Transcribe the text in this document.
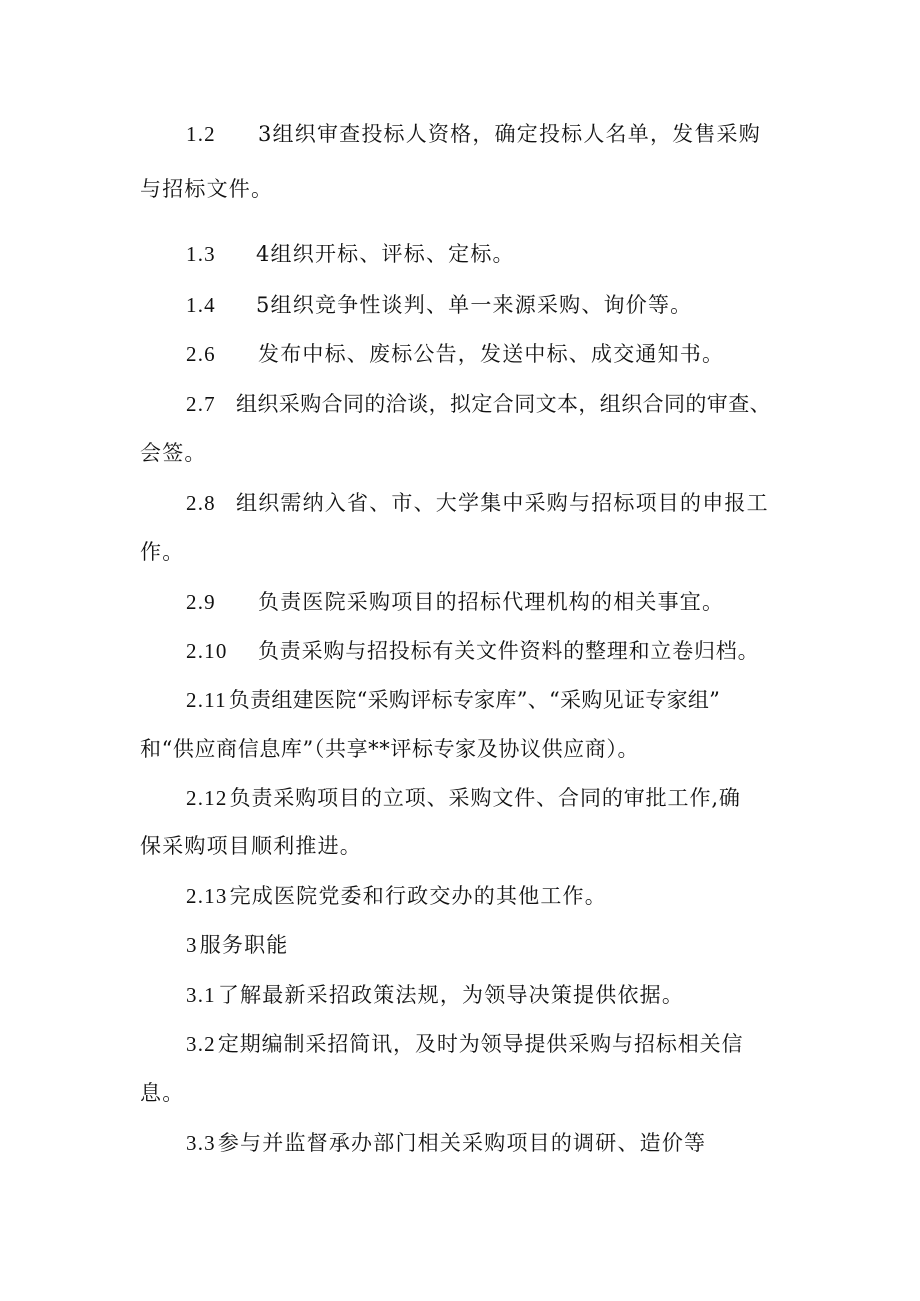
1.2 3组织审查投标人资格，确定投标人名单，发售采购
与招标文件。
1.3 4组织开标、评标、定标。
1.4 5组织竞争性谈判、单一来源采购、询价等。
2.6 发布中标、废标公告，发送中标、成交通知书。
2.7 组织采购合同的洽谈，拟定合同文本，组织合同的审查、
会签。
2.8 组织需纳入省、市、大学集中采购与招标项目的申报工
作。
2.9 负责医院采购项目的招标代理机构的相关事宜。
2.10 负责采购与招投标有关文件资料的整理和立卷归档。
2.11负责组建医院“采购评标专家库”、“采购见证专家组”
和“供应商信息库”（共享**评标专家及协议供应商）。
2.12负责采购项目的立项、采购文件、合同的审批工作,确
保采购项目顺利推进。
2.13完成医院党委和行政交办的其他工作。
3服务职能
3.1了解最新采招政策法规，为领导决策提供依据。
3.2定期编制采招简讯，及时为领导提供采购与招标相关信
息。
3.3参与并监督承办部门相关采购项目的调研、造价等
